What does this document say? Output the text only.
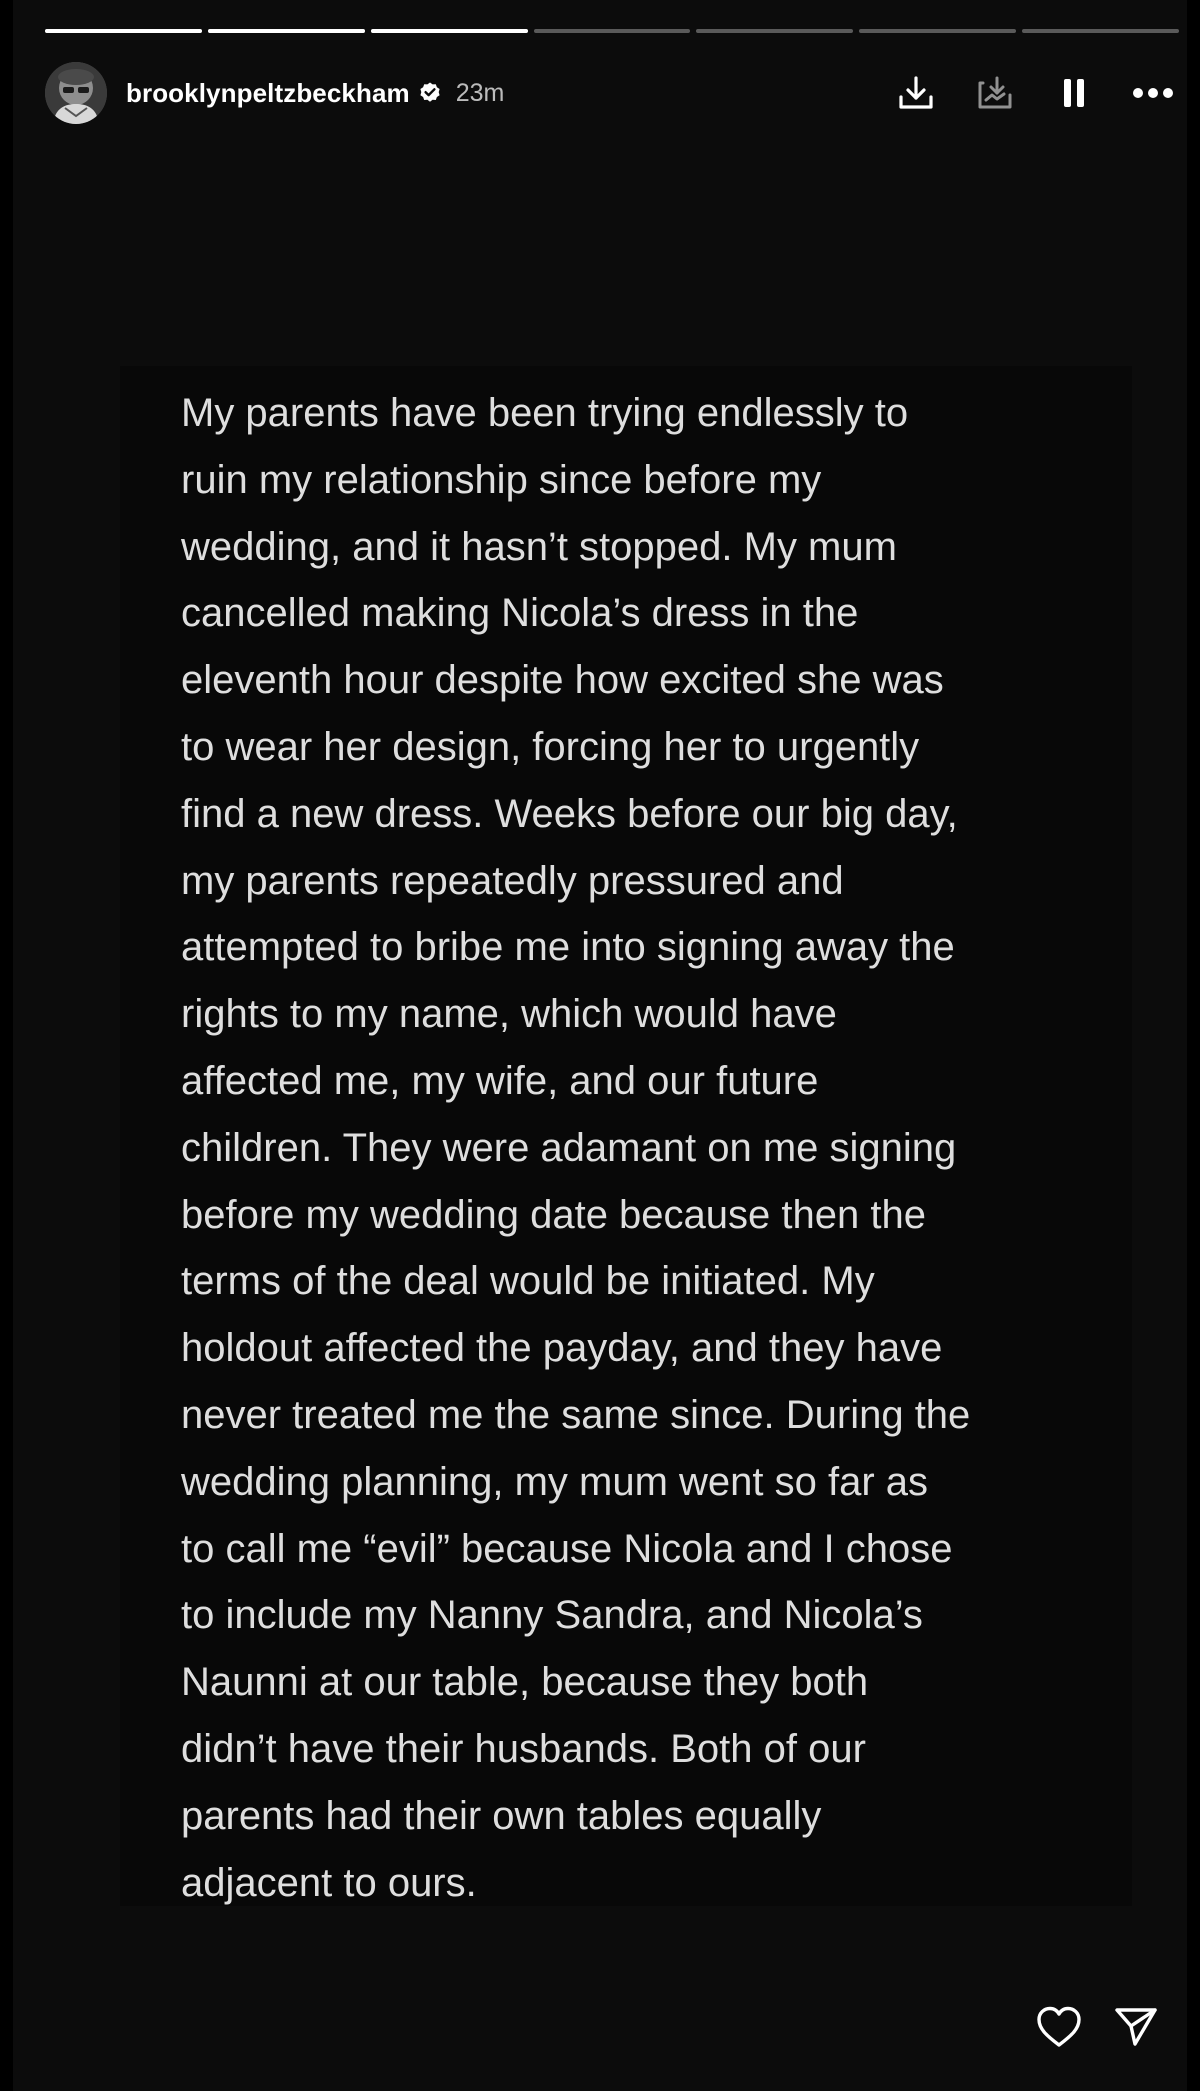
brooklynpeltzbeckham 23m
My parents have been trying endlessly to
ruin my relationship since before my
wedding, and it hasn’t stopped. My mum
cancelled making Nicola’s dress in the
eleventh hour despite how excited she was
to wear her design, forcing her to urgently
find a new dress. Weeks before our big day,
my parents repeatedly pressured and
attempted to bribe me into signing away the
rights to my name, which would have
affected me, my wife, and our future
children. They were adamant on me signing
before my wedding date because then the
terms of the deal would be initiated. My
holdout affected the payday, and they have
never treated me the same since. During the
wedding planning, my mum went so far as
to call me “evil” because Nicola and I chose
to include my Nanny Sandra, and Nicola’s
Naunni at our table, because they both
didn’t have their husbands. Both of our
parents had their own tables equally
adjacent to ours.
